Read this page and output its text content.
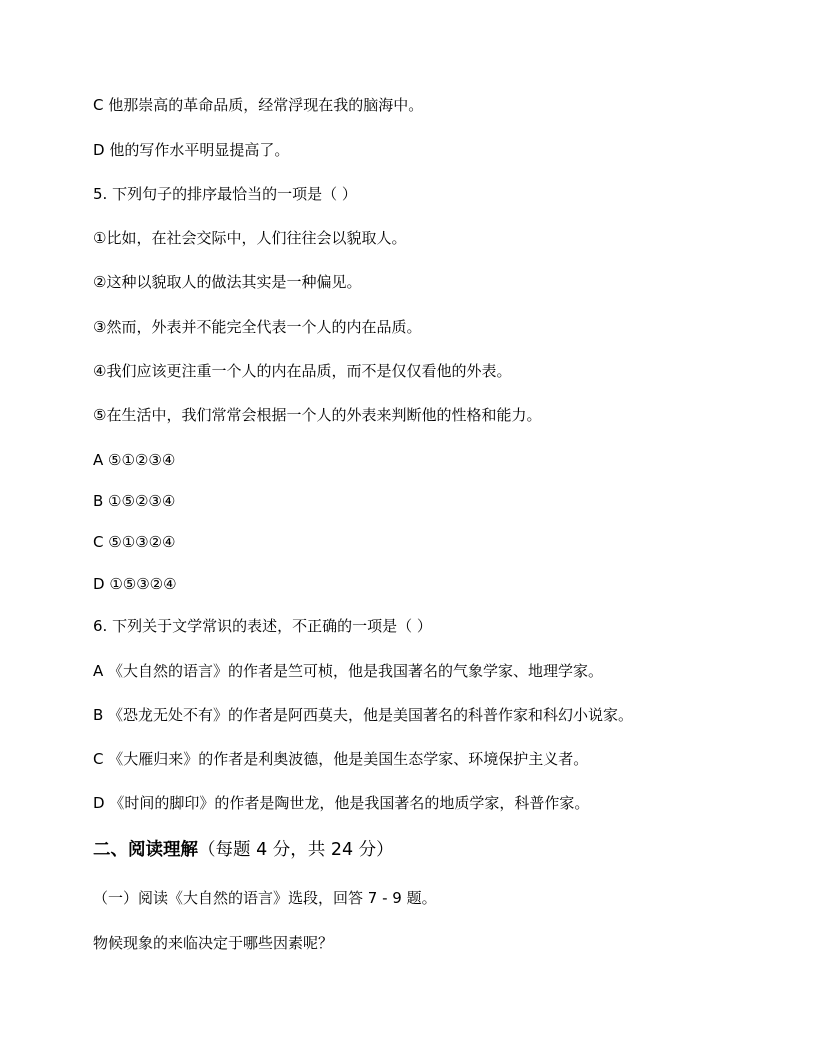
C 他那崇高的革命品质，经常浮现在我的脑海中。
D 他的写作水平明显提高了。
5. 下列句子的排序最恰当的一项是（ ）
①比如，在社会交际中，人们往往会以貌取人。
②这种以貌取人的做法其实是一种偏见。
③然而，外表并不能完全代表一个人的内在品质。
④我们应该更注重一个人的内在品质，而不是仅仅看他的外表。
⑤在生活中，我们常常会根据一个人的外表来判断他的性格和能力。
A ⑤①②③④
B ①⑤②③④
C ⑤①③②④
D ①⑤③②④
6. 下列关于文学常识的表述，不正确的一项是（ ）
A 《大自然的语言》的作者是竺可桢，他是我国著名的气象学家、地理学家。
B 《恐龙无处不有》的作者是阿西莫夫，他是美国著名的科普作家和科幻小说家。
C 《大雁归来》的作者是利奥波德，他是美国生态学家、环境保护主义者。
D 《时间的脚印》的作者是陶世龙，他是我国著名的地质学家，科普作家。
二、阅读理解（每题 4 分，共 24 分）
（一）阅读《大自然的语言》选段，回答 7 - 9 题。
物候现象的来临决定于哪些因素呢？
